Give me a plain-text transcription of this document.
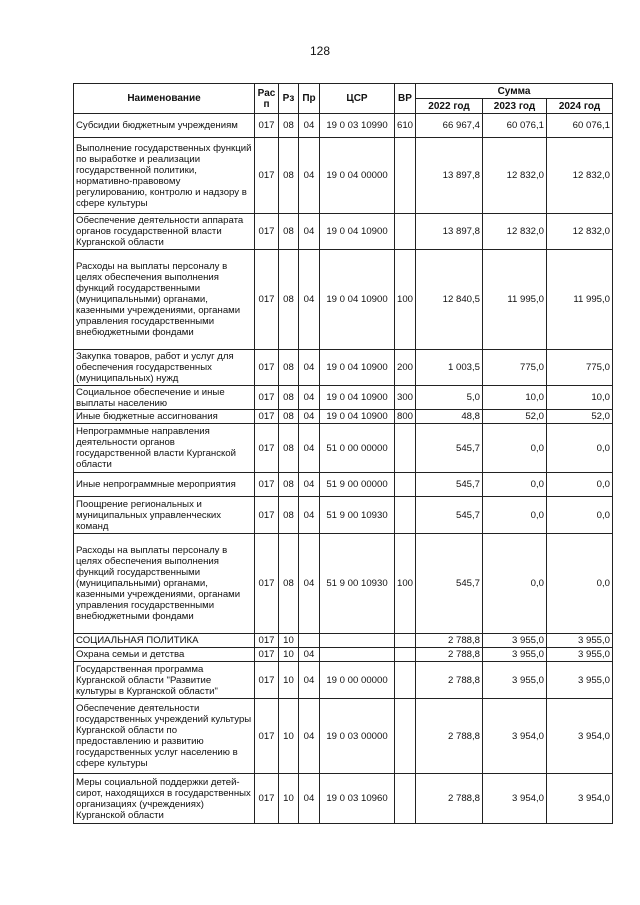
128
Наименование	Рас п	Рз	Пр	ЦСР	ВР	Сумма		
						2022 год	2023 год	2024 год
Субсидии бюджетным учреждениям	017	08	04	19 0 03 10990	610	66 967,4	60 076,1	60 076,1
Выполнение государственных функций по выработке и реализации государственной политики, нормативно-правовому регулированию, контролю и надзору в сфере культуры	017	08	04	19 0 04 00000		13 897,8	12 832,0	12 832,0
Обеспечение деятельности аппарата органов государственной власти Курганской области	017	08	04	19 0 04 10900		13 897,8	12 832,0	12 832,0
Расходы на выплаты персоналу в целях обеспечения выполнения функций государственными (муниципальными) органами, казенными учреждениями, органами управления государственными внебюджетными фондами	017	08	04	19 0 04 10900	100	12 840,5	11 995,0	11 995,0
Закупка товаров, работ и услуг для обеспечения государственных (муниципальных) нужд	017	08	04	19 0 04 10900	200	1 003,5	775,0	775,0
Социальное обеспечение и иные выплаты населению	017	08	04	19 0 04 10900	300	5,0	10,0	10,0
Иные бюджетные ассигнования	017	08	04	19 0 04 10900	800	48,8	52,0	52,0
Непрограммные направления деятельности органов государственной власти Курганской области	017	08	04	51 0 00 00000		545,7	0,0	0,0
Иные непрограммные мероприятия	017	08	04	51 9 00 00000		545,7	0,0	0,0
Поощрение региональных и муниципальных управленческих команд	017	08	04	51 9 00 10930		545,7	0,0	0,0
Расходы на выплаты персоналу в целях обеспечения выполнения функций государственными (муниципальными) органами, казенными учреждениями, органами управления государственными внебюджетными фондами	017	08	04	51 9 00 10930	100	545,7	0,0	0,0
СОЦИАЛЬНАЯ ПОЛИТИКА	017	10				2 788,8	3 955,0	3 955,0
Охрана семьи и детства	017	10	04			2 788,8	3 955,0	3 955,0
Государственная программа Курганской области "Развитие культуры в Курганской области"	017	10	04	19 0 00 00000		2 788,8	3 955,0	3 955,0
Обеспечение деятельности государственных учреждений культуры Курганской области по предоставлению и развитию государственных услуг населению в сфере культуры	017	10	04	19 0 03 00000		2 788,8	3 954,0	3 954,0
Меры социальной поддержки детей-сирот, находящихся в государственных организациях (учреждениях) Курганской области	017	10	04	19 0 03 10960		2 788,8	3 954,0	3 954,0
